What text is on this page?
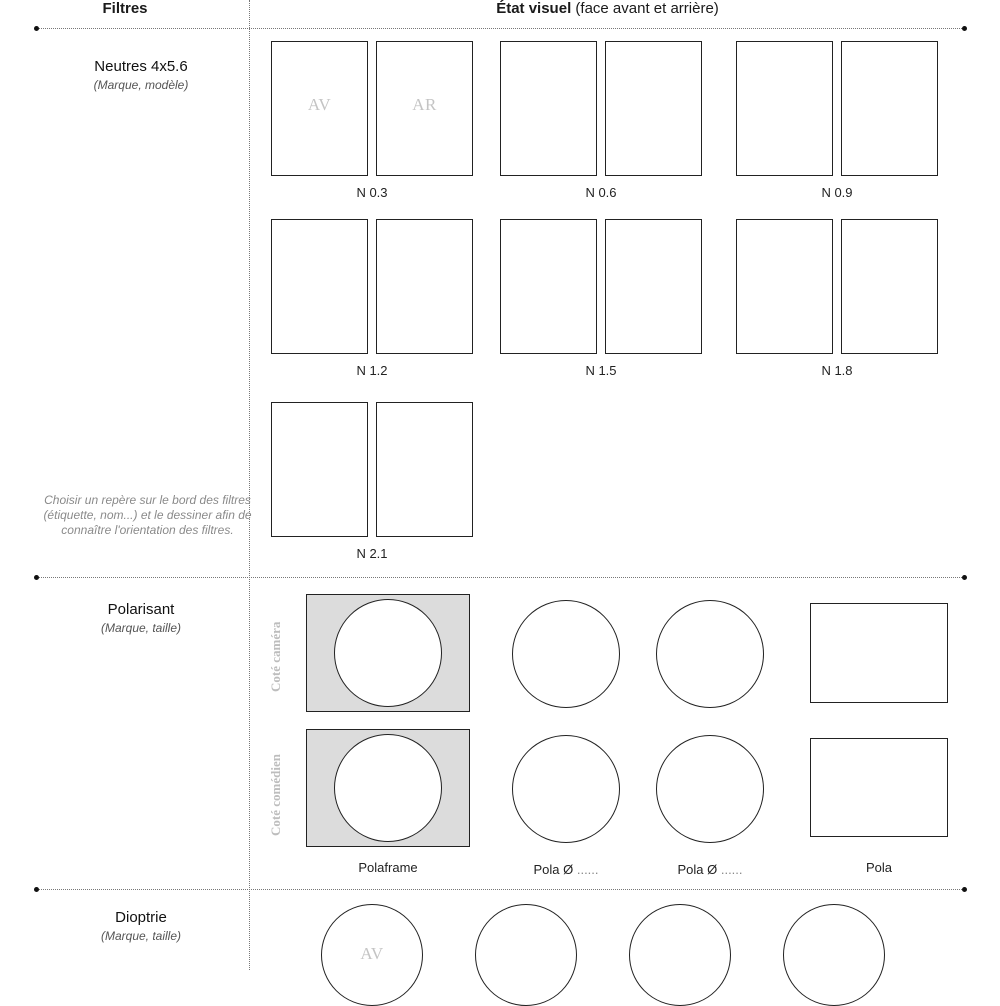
Filtres	État visuel (face avant et arrière)
Neutres 4x5.6
(Marque, modèle)
Choisir un repère sur le bord des filtres (étiquette, nom...) et le dessiner afin de connaître l'orientation des filtres.
AV	AR
N 0.3	N 0.6	N 0.9
N 1.2	N 1.5	N 1.8
N 2.1
Polarisant
(Marque, taille)	Coté caméra
Coté comédien
Polaframe	Pola Ø ......	Pola Ø ......	Pola
Dioptrie
(Marque, taille)
AV
